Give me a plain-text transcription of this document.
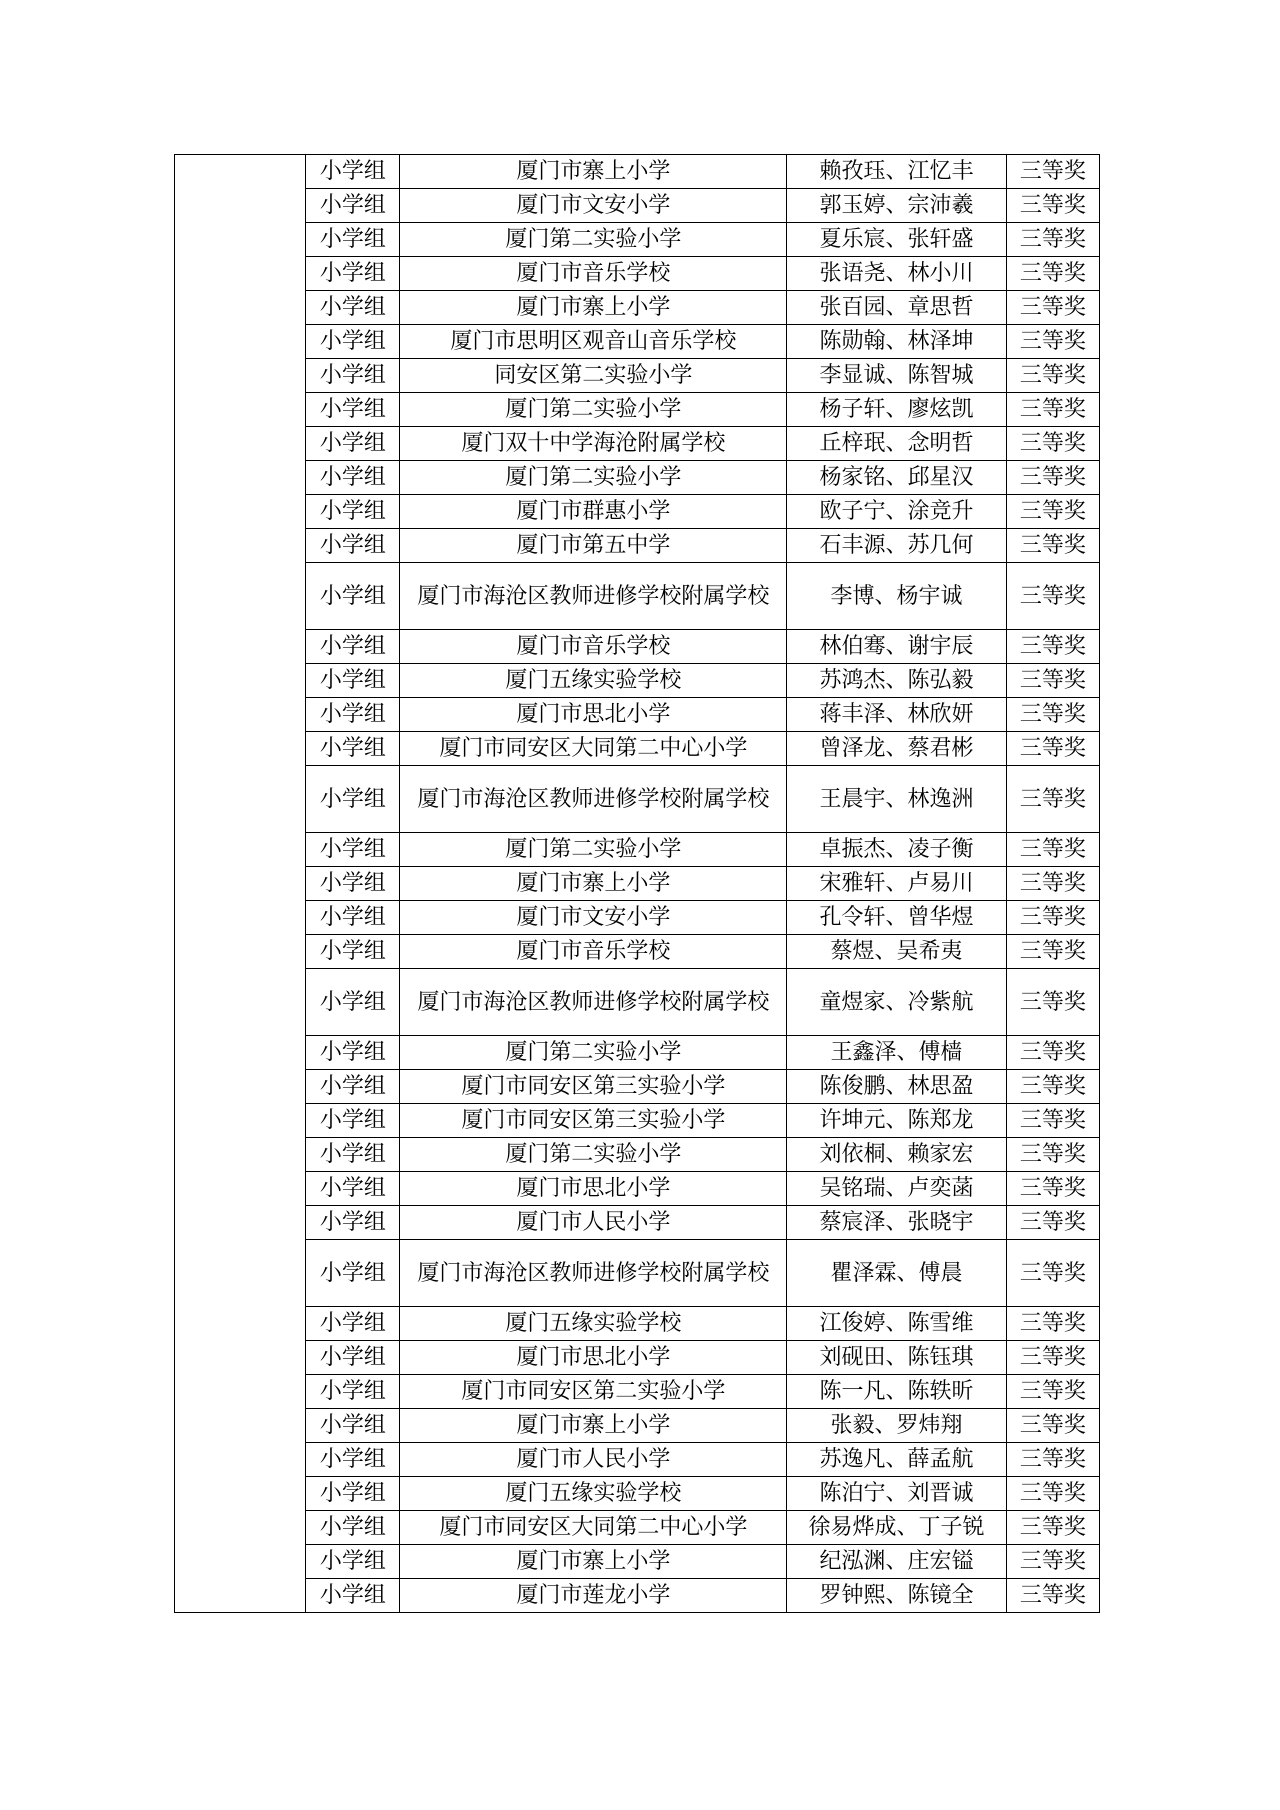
	小学组	厦门市寨上小学	赖孜珏、江忆丰	三等奖
	小学组	厦门市文安小学	郭玉婷、宗沛羲	三等奖
	小学组	厦门第二实验小学	夏乐宸、张轩盛	三等奖
	小学组	厦门市音乐学校	张语尧、林小川	三等奖
	小学组	厦门市寨上小学	张百园、章思哲	三等奖
	小学组	厦门市思明区观音山音乐学校	陈勋翰、林泽坤	三等奖
	小学组	同安区第二实验小学	李显诚、陈智城	三等奖
	小学组	厦门第二实验小学	杨子轩、廖炫凯	三等奖
	小学组	厦门双十中学海沧附属学校	丘梓珉、念明哲	三等奖
	小学组	厦门第二实验小学	杨家铭、邱星汉	三等奖
	小学组	厦门市群惠小学	欧子宁、涂竞升	三等奖
	小学组	厦门市第五中学	石丰源、苏几何	三等奖
	小学组	厦门市海沧区教师进修学校附属学校	李博、杨宇诚	三等奖
	小学组	厦门市音乐学校	林伯骞、谢宇辰	三等奖
	小学组	厦门五缘实验学校	苏鸿杰、陈弘毅	三等奖
	小学组	厦门市思北小学	蒋丰泽、林欣妍	三等奖
	小学组	厦门市同安区大同第二中心小学	曾泽龙、蔡君彬	三等奖
	小学组	厦门市海沧区教师进修学校附属学校	王晨宇、林逸洲	三等奖
	小学组	厦门第二实验小学	卓振杰、凌子衡	三等奖
	小学组	厦门市寨上小学	宋雅轩、卢易川	三等奖
	小学组	厦门市文安小学	孔令轩、曾华煜	三等奖
	小学组	厦门市音乐学校	蔡煜、吴希夷	三等奖
	小学组	厦门市海沧区教师进修学校附属学校	童煜家、冷紫航	三等奖
	小学组	厦门第二实验小学	王鑫泽、傅樯	三等奖
	小学组	厦门市同安区第三实验小学	陈俊鹏、林思盈	三等奖
	小学组	厦门市同安区第三实验小学	许坤元、陈郑龙	三等奖
	小学组	厦门第二实验小学	刘依桐、赖家宏	三等奖
	小学组	厦门市思北小学	吴铭瑞、卢奕菡	三等奖
	小学组	厦门市人民小学	蔡宸泽、张晓宇	三等奖
	小学组	厦门市海沧区教师进修学校附属学校	瞿泽霖、傅晨	三等奖
	小学组	厦门五缘实验学校	江俊婷、陈雪维	三等奖
	小学组	厦门市思北小学	刘砚田、陈钰琪	三等奖
	小学组	厦门市同安区第二实验小学	陈一凡、陈轶昕	三等奖
	小学组	厦门市寨上小学	张毅、罗炜翔	三等奖
	小学组	厦门市人民小学	苏逸凡、薛孟航	三等奖
	小学组	厦门五缘实验学校	陈泊宁、刘晋诚	三等奖
	小学组	厦门市同安区大同第二中心小学	徐易烨成、丁子锐	三等奖
	小学组	厦门市寨上小学	纪泓渊、庄宏镒	三等奖
	小学组	厦门市莲龙小学	罗钟熙、陈镜全	三等奖
